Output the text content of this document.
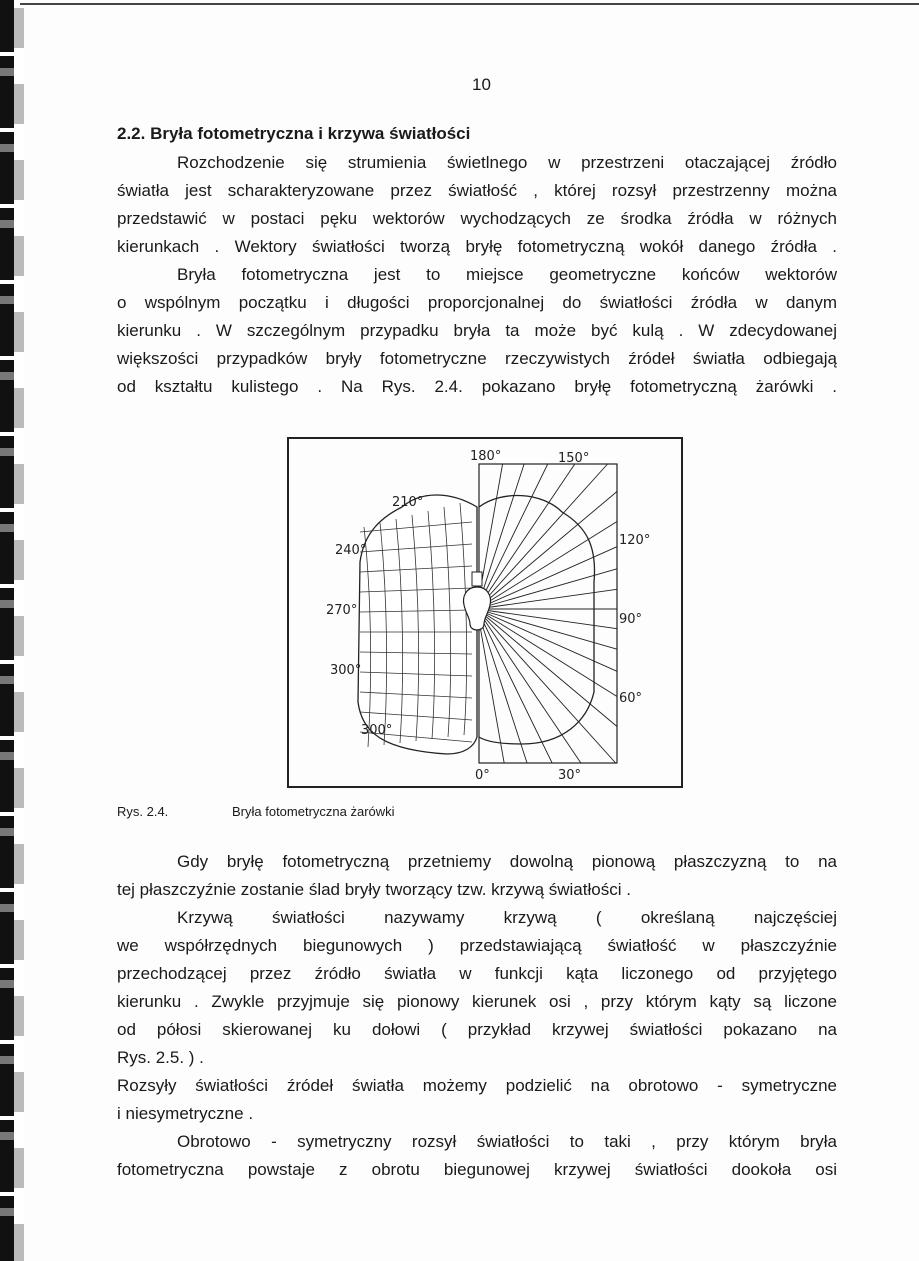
10
2.2. Bryła fotometryczna i krzywa światłości
Rozchodzenie się strumienia świetlnego w przestrzeni otaczającej źródło
światła jest scharakteryzowane przez światłość , której rozsył przestrzenny można
przedstawić w postaci pęku wektorów wychodzących ze środka źródła w różnych
kierunkach . Wektory światłości tworzą bryłę fotometryczną wokół danego źródła .
Bryła fotometryczna jest to miejsce geometryczne końców wektorów
o wspólnym początku i długości proporcjonalnej do światłości źródła w danym
kierunku . W szczególnym przypadku bryła ta może być kulą . W zdecydowanej
większości przypadków bryły fotometryczne rzeczywistych źródeł światła odbiegają
od kształtu kulistego . Na Rys. 2.4. pokazano bryłę fotometryczną żarówki .
180°	150°
210°
120°
240°
270°
90°
300°
60°
300°
0°	30°
Rys. 2.4.	Bryła fotometryczna żarówki
Gdy bryłę fotometryczną przetniemy dowolną pionową płaszczyzną to na
tej płaszczyźnie zostanie ślad bryły tworzący tzw. krzywą światłości .
Krzywą światłości nazywamy krzywą ( określaną najczęściej
we współrzędnych biegunowych ) przedstawiającą światłość w płaszczyźnie
przechodzącej przez źródło światła w funkcji kąta liczonego od przyjętego
kierunku . Zwykle przyjmuje się pionowy kierunek osi , przy którym kąty są liczone
od półosi skierowanej ku dołowi ( przykład krzywej światłości pokazano na
Rys. 2.5. ) .
Rozsyły światłości źródeł światła możemy podzielić na obrotowo - symetryczne
i niesymetryczne .
Obrotowo - symetryczny rozsył światłości to taki , przy którym bryła
fotometryczna powstaje z obrotu biegunowej krzywej światłości dookoła osi
